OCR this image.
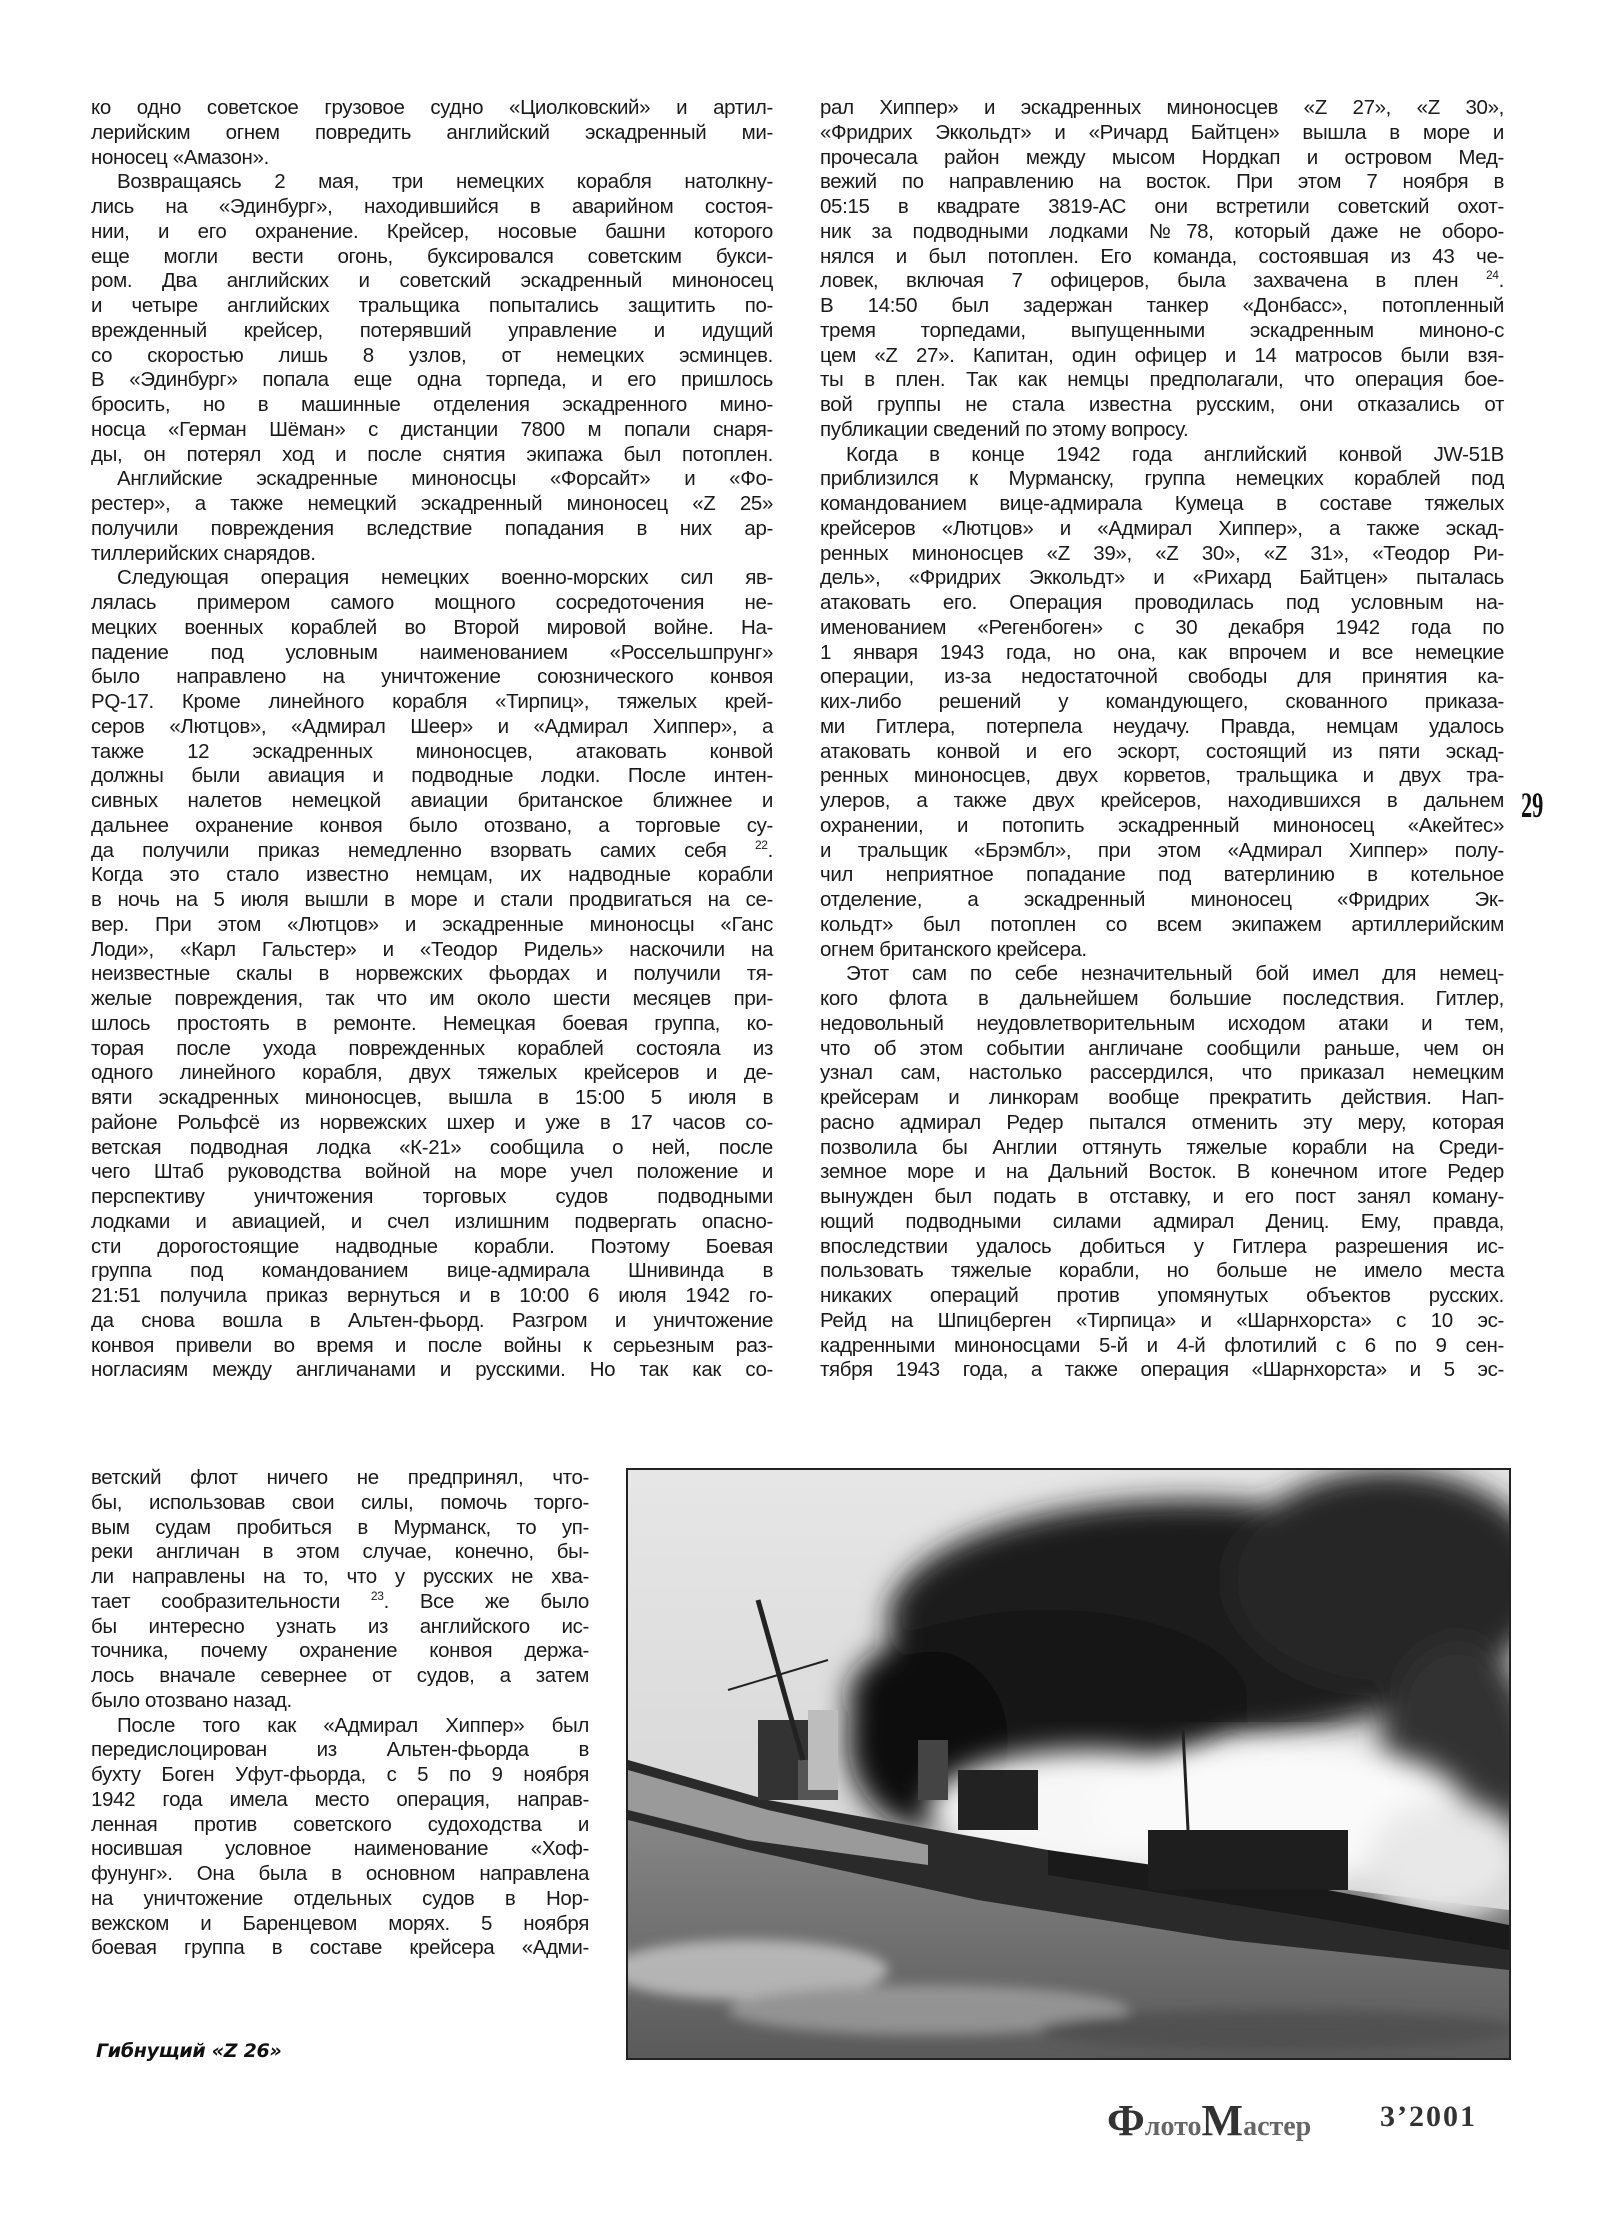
ко одно советское грузовое судно «Циолковский» и артил-
лерийским огнем повредить английский эскадренный ми-
ноносец «Амазон».
Возвращаясь 2 мая, три немецких корабля натолкну-
лись на «Эдинбург», находившийся в аварийном состоя-
нии, и его охранение. Крейсер, носовые башни которого
еще могли вести огонь, буксировался советским букси-
ром. Два английских и советский эскадренный миноносец
и четыре английских тральщика попытались защитить по-
врежденный крейсер, потерявший управление и идущий
со скоростью лишь 8 узлов, от немецких эсминцев.
В «Эдинбург» попала еще одна торпеда, и его пришлось
бросить, но в машинные отделения эскадренного мино-
носца «Герман Шёман» с дистанции 7800 м попали снаря-
ды, он потерял ход и после снятия экипажа был потоплен.
Английские эскадренные миноносцы «Форсайт» и «Фо-
рестер», а также немецкий эскадренный миноносец «Z 25»
получили повреждения вследствие попадания в них ар-
тиллерийских снарядов.
Следующая операция немецких военно-морских сил яв-
лялась примером самого мощного сосредоточения не-
мецких военных кораблей во Второй мировой войне. На-
падение под условным наименованием «Россельшпрунг»
было направлено на уничтожение союзнического конвоя
PQ-17. Кроме линейного корабля «Тирпиц», тяжелых крей-
серов «Лютцов», «Адмирал Шеер» и «Адмирал Хиппер», а
также 12 эскадренных миноносцев, атаковать конвой
должны были авиация и подводные лодки. После интен-
сивных налетов немецкой авиации британское ближнее и
дальнее охранение конвоя было отозвано, а торговые су-
да получили приказ немедленно взорвать самих себя $^{22}$.
Когда это стало известно немцам, их надводные корабли
в ночь на 5 июля вышли в море и стали продвигаться на се-
вер. При этом «Лютцов» и эскадренные миноносцы «Ганс
Лоди», «Карл Гальстер» и «Теодор Ридель» наскочили на
неизвестные скалы в норвежских фьордах и получили тя-
желые повреждения, так что им около шести месяцев при-
шлось простоять в ремонте. Немецкая боевая группа, ко-
торая после ухода поврежденных кораблей состояла из
одного линейного корабля, двух тяжелых крейсеров и де-
вяти эскадренных миноносцев, вышла в 15:00 5 июля в
районе Рольфсё из норвежских шхер и уже в 17 часов со-
ветская подводная лодка «К-21» сообщила о ней, после
чего Штаб руководства войной на море учел положение и
перспективу уничтожения торговых судов подводными
лодками и авиацией, и счел излишним подвергать опасно-
сти дорогостоящие надводные корабли. Поэтому Боевая
группа под командованием вице-адмирала Шнивинда в
21:51 получила приказ вернуться и в 10:00 6 июля 1942 го-
да снова вошла в Альтен-фьорд. Разгром и уничтожение
конвоя привели во время и после войны к серьезным раз-
ногласиям между англичанами и русскими. Но так как со-
ветский флот ничего не предпринял, что-
бы, использовав свои силы, помочь торго-
вым судам пробиться в Мурманск, то уп-
реки англичан в этом случае, конечно, бы-
ли направлены на то, что у русских не хва-
тает сообразительности	$^{23}$. Все же было
бы интересно узнать из английского ис-
точника, почему охранение конвоя держа-
лось вначале севернее от судов, а затем
было отозвано назад.
После того как «Адмирал Хиппер» был
передислоцирован из Альтен-фьорда в
бухту Боген Уфут-фьорда, с 5 по 9 ноября
1942 года имела место операция, направ-
ленная против советского судоходства и
носившая условное наименование «Хоф-
фунунг». Она была в основном направлена
на уничтожение отдельных судов в Нор-
вежском и Баренцевом морях. 5 ноября
боевая группа в составе крейсера «Адми-
рал Хиппер» и эскадренных миноносцев «Z 27», «Z 30»,
«Фридрих Эккольдт» и «Ричард Байтцен» вышла в море и
прочесала район между мысом Нордкап и островом Мед-
вежий по направлению на восток. При этом 7 ноября в
05:15 в квадрате 3819-АС они встретили советский охот-
ник за подводными лодками №78, который даже не оборо-
нялся и был потоплен. Его команда, состоявшая из 43 че-
ловек, включая 7 офицеров, была захвачена в плен $^{24}$.
В 14:50 был задержан танкер «Донбасс», потопленный
тремя торпедами, выпущенными эскадренным миноно-с
цем «Z 27». Капитан, один офицер и 14 матросов были взя-
ты в плен. Так как немцы предполагали, что операция бое-
вой группы не стала известна русским, они отказались от
публикации сведений по этому вопросу.
Когда в конце 1942 года английский конвой JW-51B
приблизился к Мурманску, группа немецких кораблей под
командованием вице-адмирала Кумеца в составе тяжелых
крейсеров «Лютцов» и «Адмирал Хиппер», а также эскад-
ренных миноносцев «Z 39», «Z 30», «Z 31», «Теодор Ри-
дель», «Фридрих Эккольдт» и «Рихард Байтцен» пыталась
атаковать его. Операция проводилась под условным на-
именованием «Регенбоген» с 30 декабря 1942 года по
1 января 1943 года, но она, как впрочем и все немецкие
операции, из-за недостаточной свободы для принятия ка-
ких-либо решений у командующего, скованного приказа-
ми Гитлера, потерпела неудачу. Правда, немцам удалось
атаковать конвой и его эскорт, состоящий из пяти эскад-
ренных миноносцев, двух корветов, тральщика и двух тра-
улеров, а также двух крейсеров, находившихся в дальнем
охранении, и потопить эскадренный миноносец «Акейтес»
и тральщик «Брэмбл», при этом «Адмирал Хиппер» полу-
чил неприятное попадание под ватерлинию в котельное
отделение, а эскадренный миноносец «Фридрих Эк-
кольдт» был потоплен со всем экипажем артиллерийским
огнем британского крейсера.
Этот сам по себе незначительный бой имел для немец-
кого флота в дальнейшем большие последствия. Гитлер,
недовольный неудовлетворительным исходом атаки и тем,
что об этом событии англичане сообщили раньше, чем он
узнал сам, настолько рассердился, что приказал немецким
крейсерам и линкорам вообще прекратить действия. Нап-
расно адмирал Редер пытался отменить эту меру, которая
позволила бы Англии оттянуть тяжелые корабли на Среди-
земное море и на Дальний Восток. В конечном итоге Редер
вынужден был подать в отставку, и его пост занял коману-
ющий подводными силами адмирал Дениц. Ему, правда,
впоследствии удалось добиться у Гитлера разрешения ис-
пользовать тяжелые корабли, но больше не имело места
никаких операций против упомянутых объектов русских.
Рейд на Шпицберген «Тирпица» и «Шарнхорста» с 10 эс-
кадренными миноносцами 5-й и 4-й флотилий с 6 по 9 сен-
тября 1943 года, а также операция «Шарнхорста» и 5 эс-
29
Гибнущий «Z 26»
ФлотоМастер 3’2001
